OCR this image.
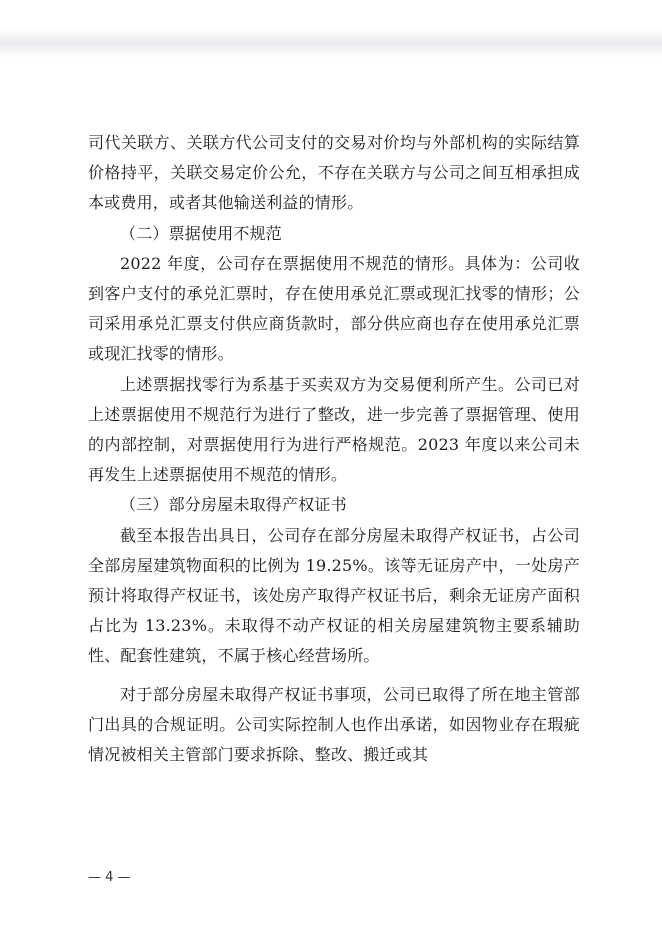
司代关联方、关联方代公司支付的交易对价均与外部机构的实际结算价格持平，关联交易定价公允，不存在关联方与公司之间互相承担成本或费用，或者其他输送利益的情形。

（二）票据使用不规范

2022 年度，公司存在票据使用不规范的情形。具体为：公司收到客户支付的承兑汇票时，存在使用承兑汇票或现汇找零的情形；公司采用承兑汇票支付供应商货款时，部分供应商也存在使用承兑汇票或现汇找零的情形。

上述票据找零行为系基于买卖双方为交易便利所产生。公司已对上述票据使用不规范行为进行了整改，进一步完善了票据管理、使用的内部控制，对票据使用行为进行严格规范。2023 年度以来公司未再发生上述票据使用不规范的情形。

（三）部分房屋未取得产权证书

截至本报告出具日，公司存在部分房屋未取得产权证书，占公司全部房屋建筑物面积的比例为 19.25%。该等无证房产中，一处房产预计将取得产权证书，该处房产取得产权证书后，剩余无证房产面积占比为 13.23%。未取得不动产权证的相关房屋建筑物主要系辅助性、配套性建筑，不属于核心经营场所。

对于部分房屋未取得产权证书事项，公司已取得了所在地主管部门出具的合规证明。公司实际控制人也作出承诺，如因物业存在瑕疵情况被相关主管部门要求拆除、整改、搬迁或其

— 4 —
